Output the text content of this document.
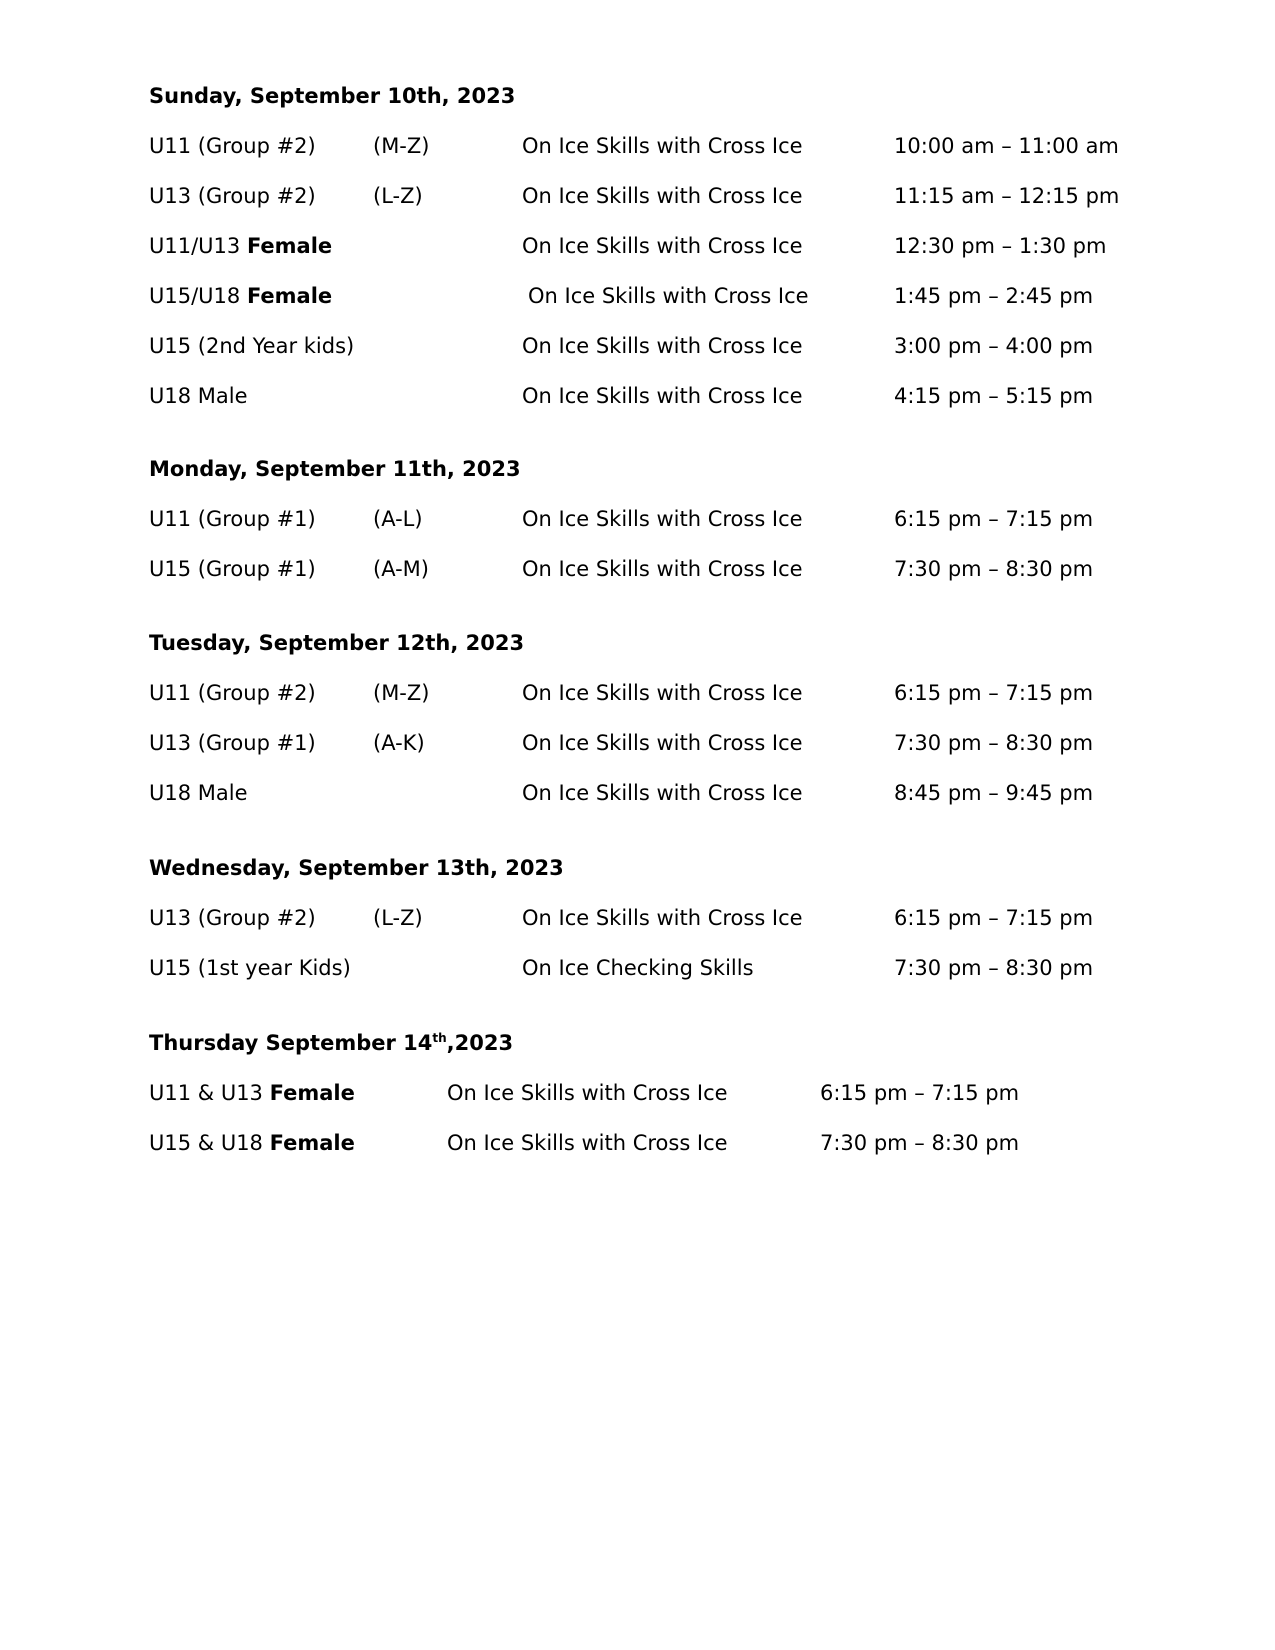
Sunday, September 10th, 2023
U11 (Group #2)	(M-Z)	On Ice Skills with Cross Ice	10:00 am – 11:00 am
U13 (Group #2)	(L-Z)	On Ice Skills with Cross Ice	11:15 am – 12:15 pm
U11/U13 Female	On Ice Skills with Cross Ice	12:30 pm – 1:30 pm
U15/U18 Female	On Ice Skills with Cross Ice	1:45 pm – 2:45 pm
U15 (2nd Year kids)	On Ice Skills with Cross Ice	3:00 pm – 4:00 pm
U18 Male	On Ice Skills with Cross Ice	4:15 pm – 5:15 pm
Monday, September 11th, 2023
U11 (Group #1)	(A-L)	On Ice Skills with Cross Ice	6:15 pm – 7:15 pm
U15 (Group #1)	(A-M)	On Ice Skills with Cross Ice	7:30 pm – 8:30 pm
Tuesday, September 12th, 2023
U11 (Group #2)	(M-Z)	On Ice Skills with Cross Ice	6:15 pm – 7:15 pm
U13 (Group #1)	(A-K)	On Ice Skills with Cross Ice	7:30 pm – 8:30 pm
U18 Male	On Ice Skills with Cross Ice	8:45 pm – 9:45 pm
Wednesday, September 13th, 2023
U13 (Group #2)	(L-Z)	On Ice Skills with Cross Ice	6:15 pm – 7:15 pm
U15 (1st year Kids)	On Ice Checking Skills	7:30 pm – 8:30 pm
Thursday September 14th,2023
U11 & U13 Female	On Ice Skills with Cross Ice	6:15 pm – 7:15 pm
U15 & U18 Female	On Ice Skills with Cross Ice	7:30 pm – 8:30 pm
